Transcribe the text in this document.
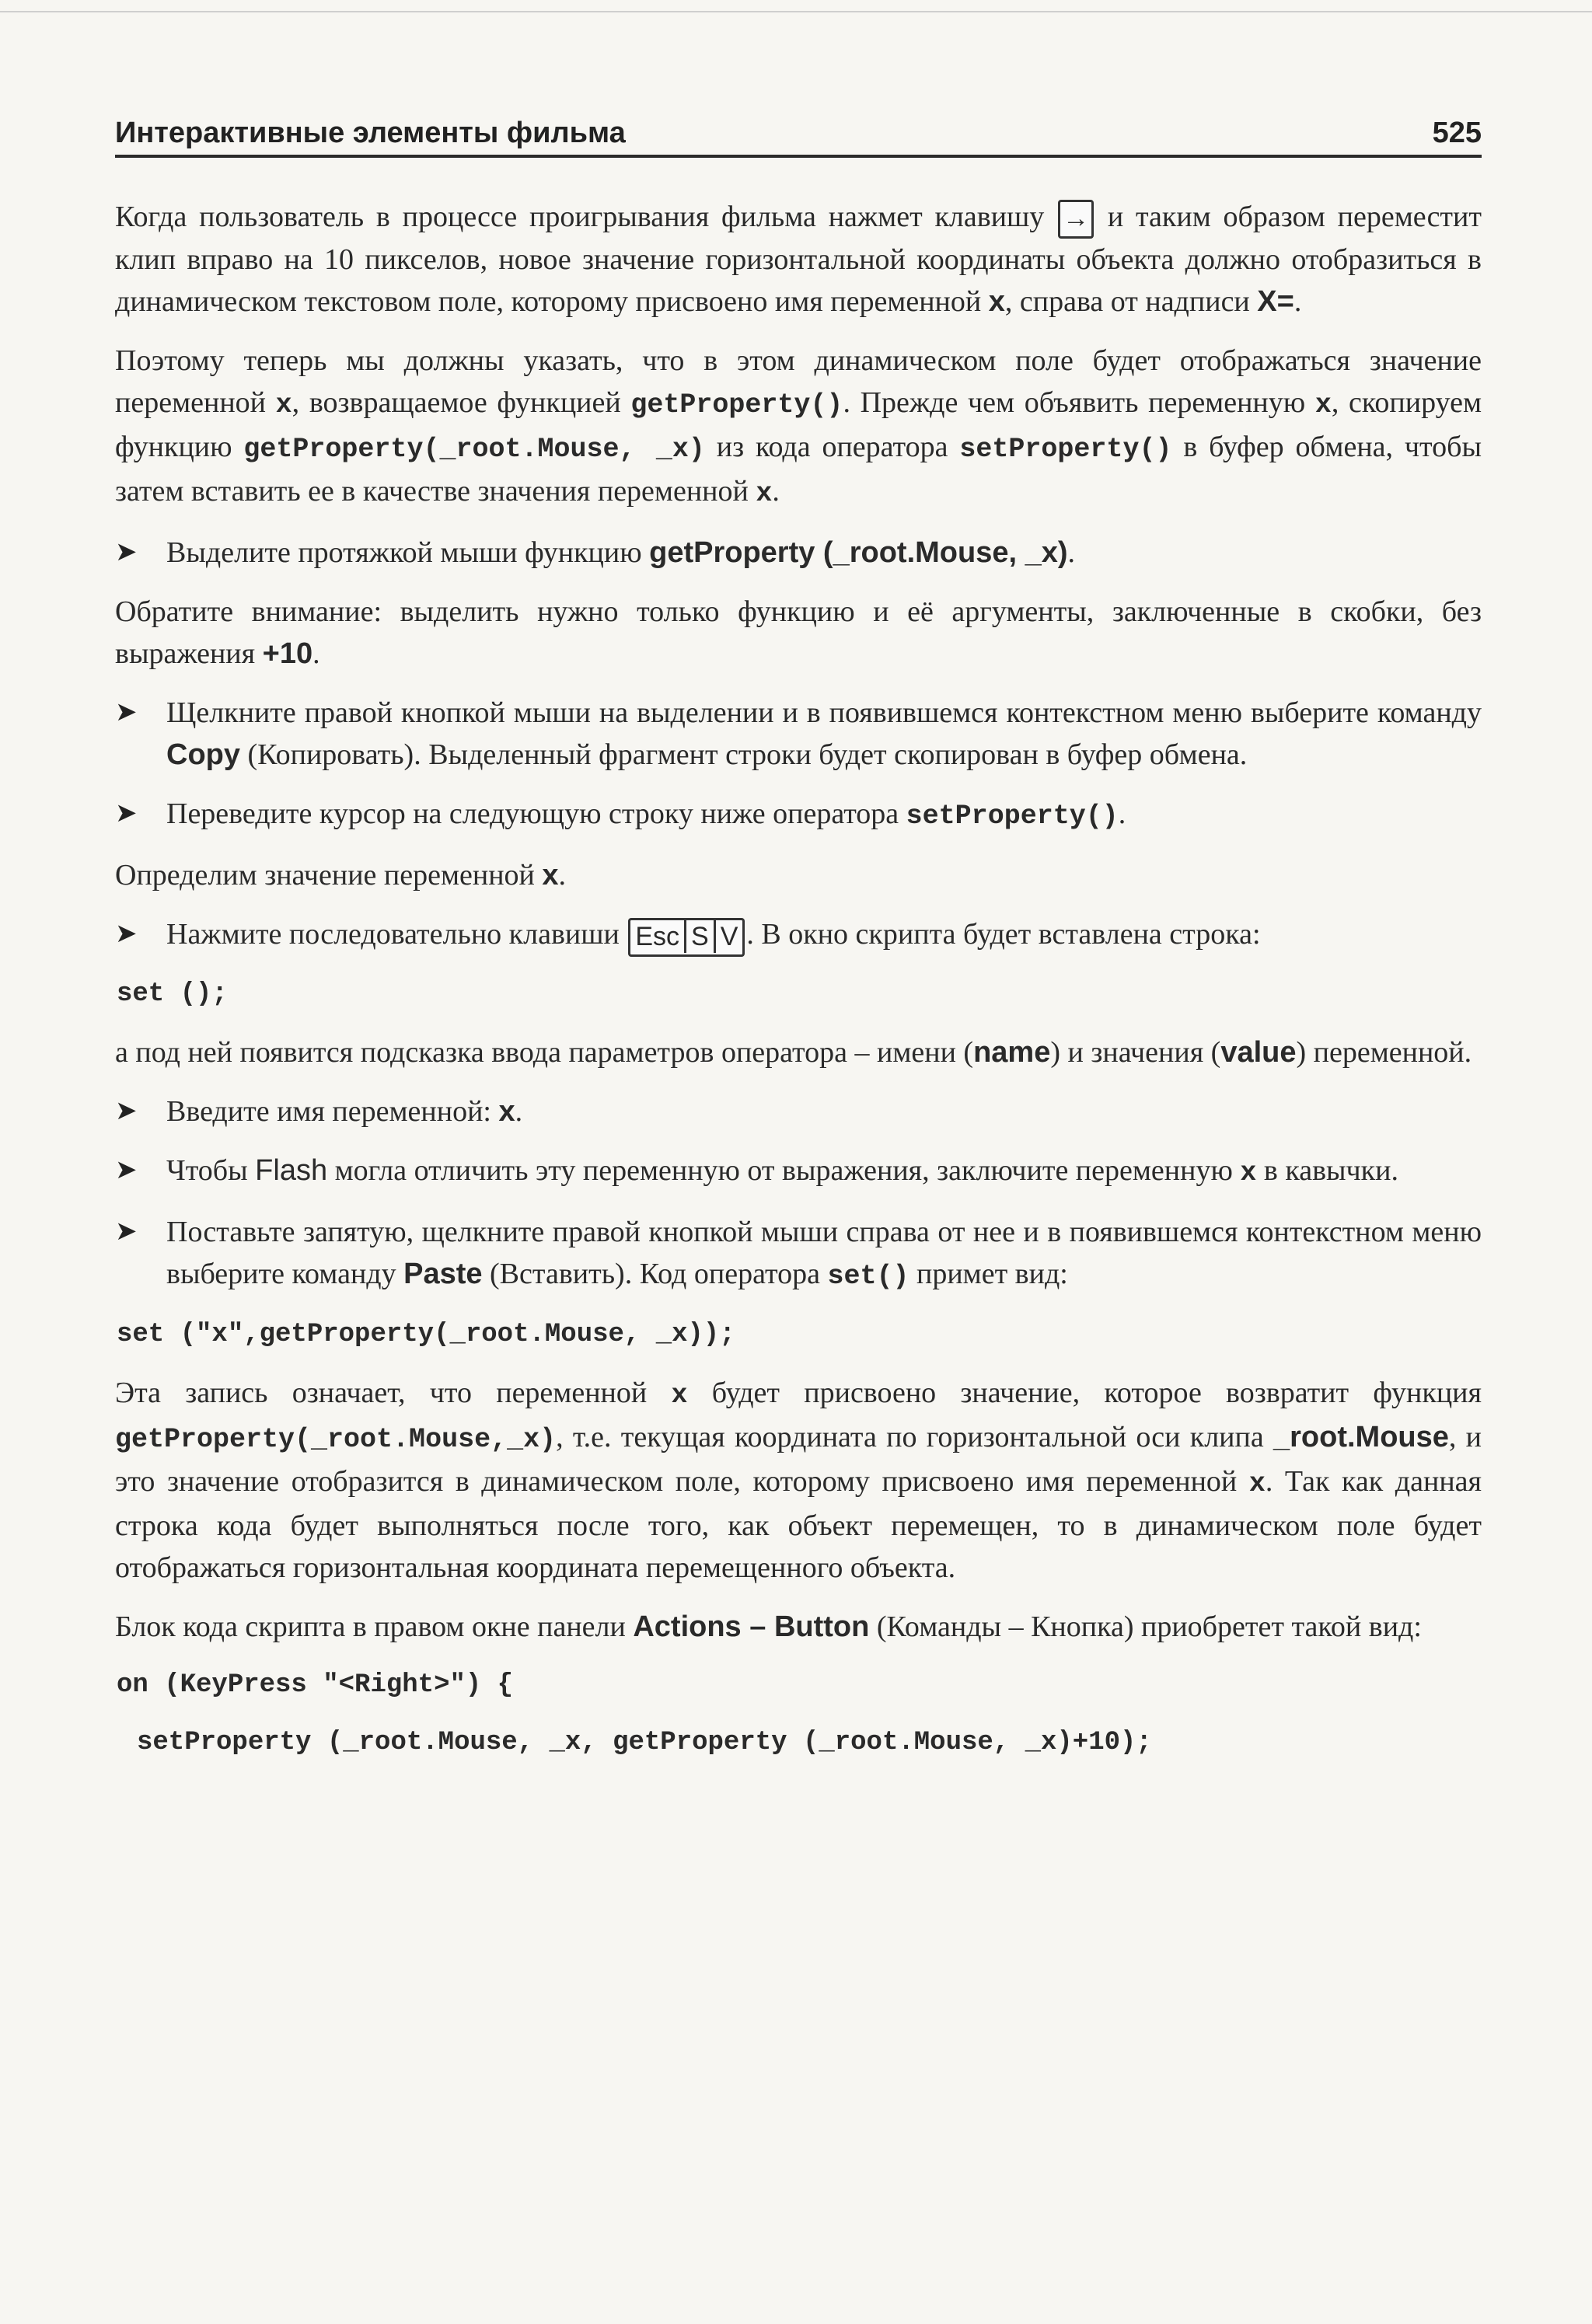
Интерактивные элементы фильма	525

Когда пользователь в процессе проигрывания фильма нажмет клавишу → и таким образом переместит клип вправо на 10 пикселов, новое значение горизонтальной координаты объекта должно отобразиться в динамическом текстовом поле, которому присвоено имя переменной x, справа от надписи X=.

Поэтому теперь мы должны указать, что в этом динамическом поле будет отображаться значение переменной x, возвращаемое функцией getProperty(). Прежде чем объявить переменную x, скопируем функцию getProperty(_root.Mouse, _x) из кода оператора setProperty() в буфер обмена, чтобы затем вставить ее в качестве значения переменной x.

➤ Выделите протяжкой мыши функцию getProperty (_root.Mouse, _x).

Обратите внимание: выделить нужно только функцию и её аргументы, заключенные в скобки, без выражения +10.

➤ Щелкните правой кнопкой мыши на выделении и в появившемся контекстном меню выберите команду Copy (Копировать). Выделенный фрагмент строки будет скопирован в буфер обмена.

➤ Переведите курсор на следующую строку ниже оператора setProperty().

Определим значение переменной x.

➤ Нажмите последовательно клавиши Esc S V . В окно скрипта будет вставлена строка:

set ();

а под ней появится подсказка ввода параметров оператора – имени (name) и значения (value) переменной.

➤ Введите имя переменной: x.

➤ Чтобы Flash могла отличить эту переменную от выражения, заключите переменную x в кавычки.

➤ Поставьте запятую, щелкните правой кнопкой мыши справа от нее и в появившемся контекстном меню выберите команду Paste (Вставить). Код оператора set() примет вид:

set ("x",getProperty(_root.Mouse, _x));

Эта запись означает, что переменной x будет присвоено значение, которое возвратит функция getProperty(_root.Mouse,_x), т.е. текущая координата по горизонтальной оси клипа _root.Mouse, и это значение отобразится в динамическом поле, которому присвоено имя переменной x. Так как данная строка кода будет выполняться после того, как объект перемещен, то в динамическом поле будет отображаться горизонтальная координата перемещенного объекта.

Блок кода скрипта в правом окне панели Actions – Button (Команды – Кнопка) приобретет такой вид:

on (KeyPress "<Right>") {
setProperty (_root.Mouse, _x, getProperty (_root.Mouse, _x)+10);
